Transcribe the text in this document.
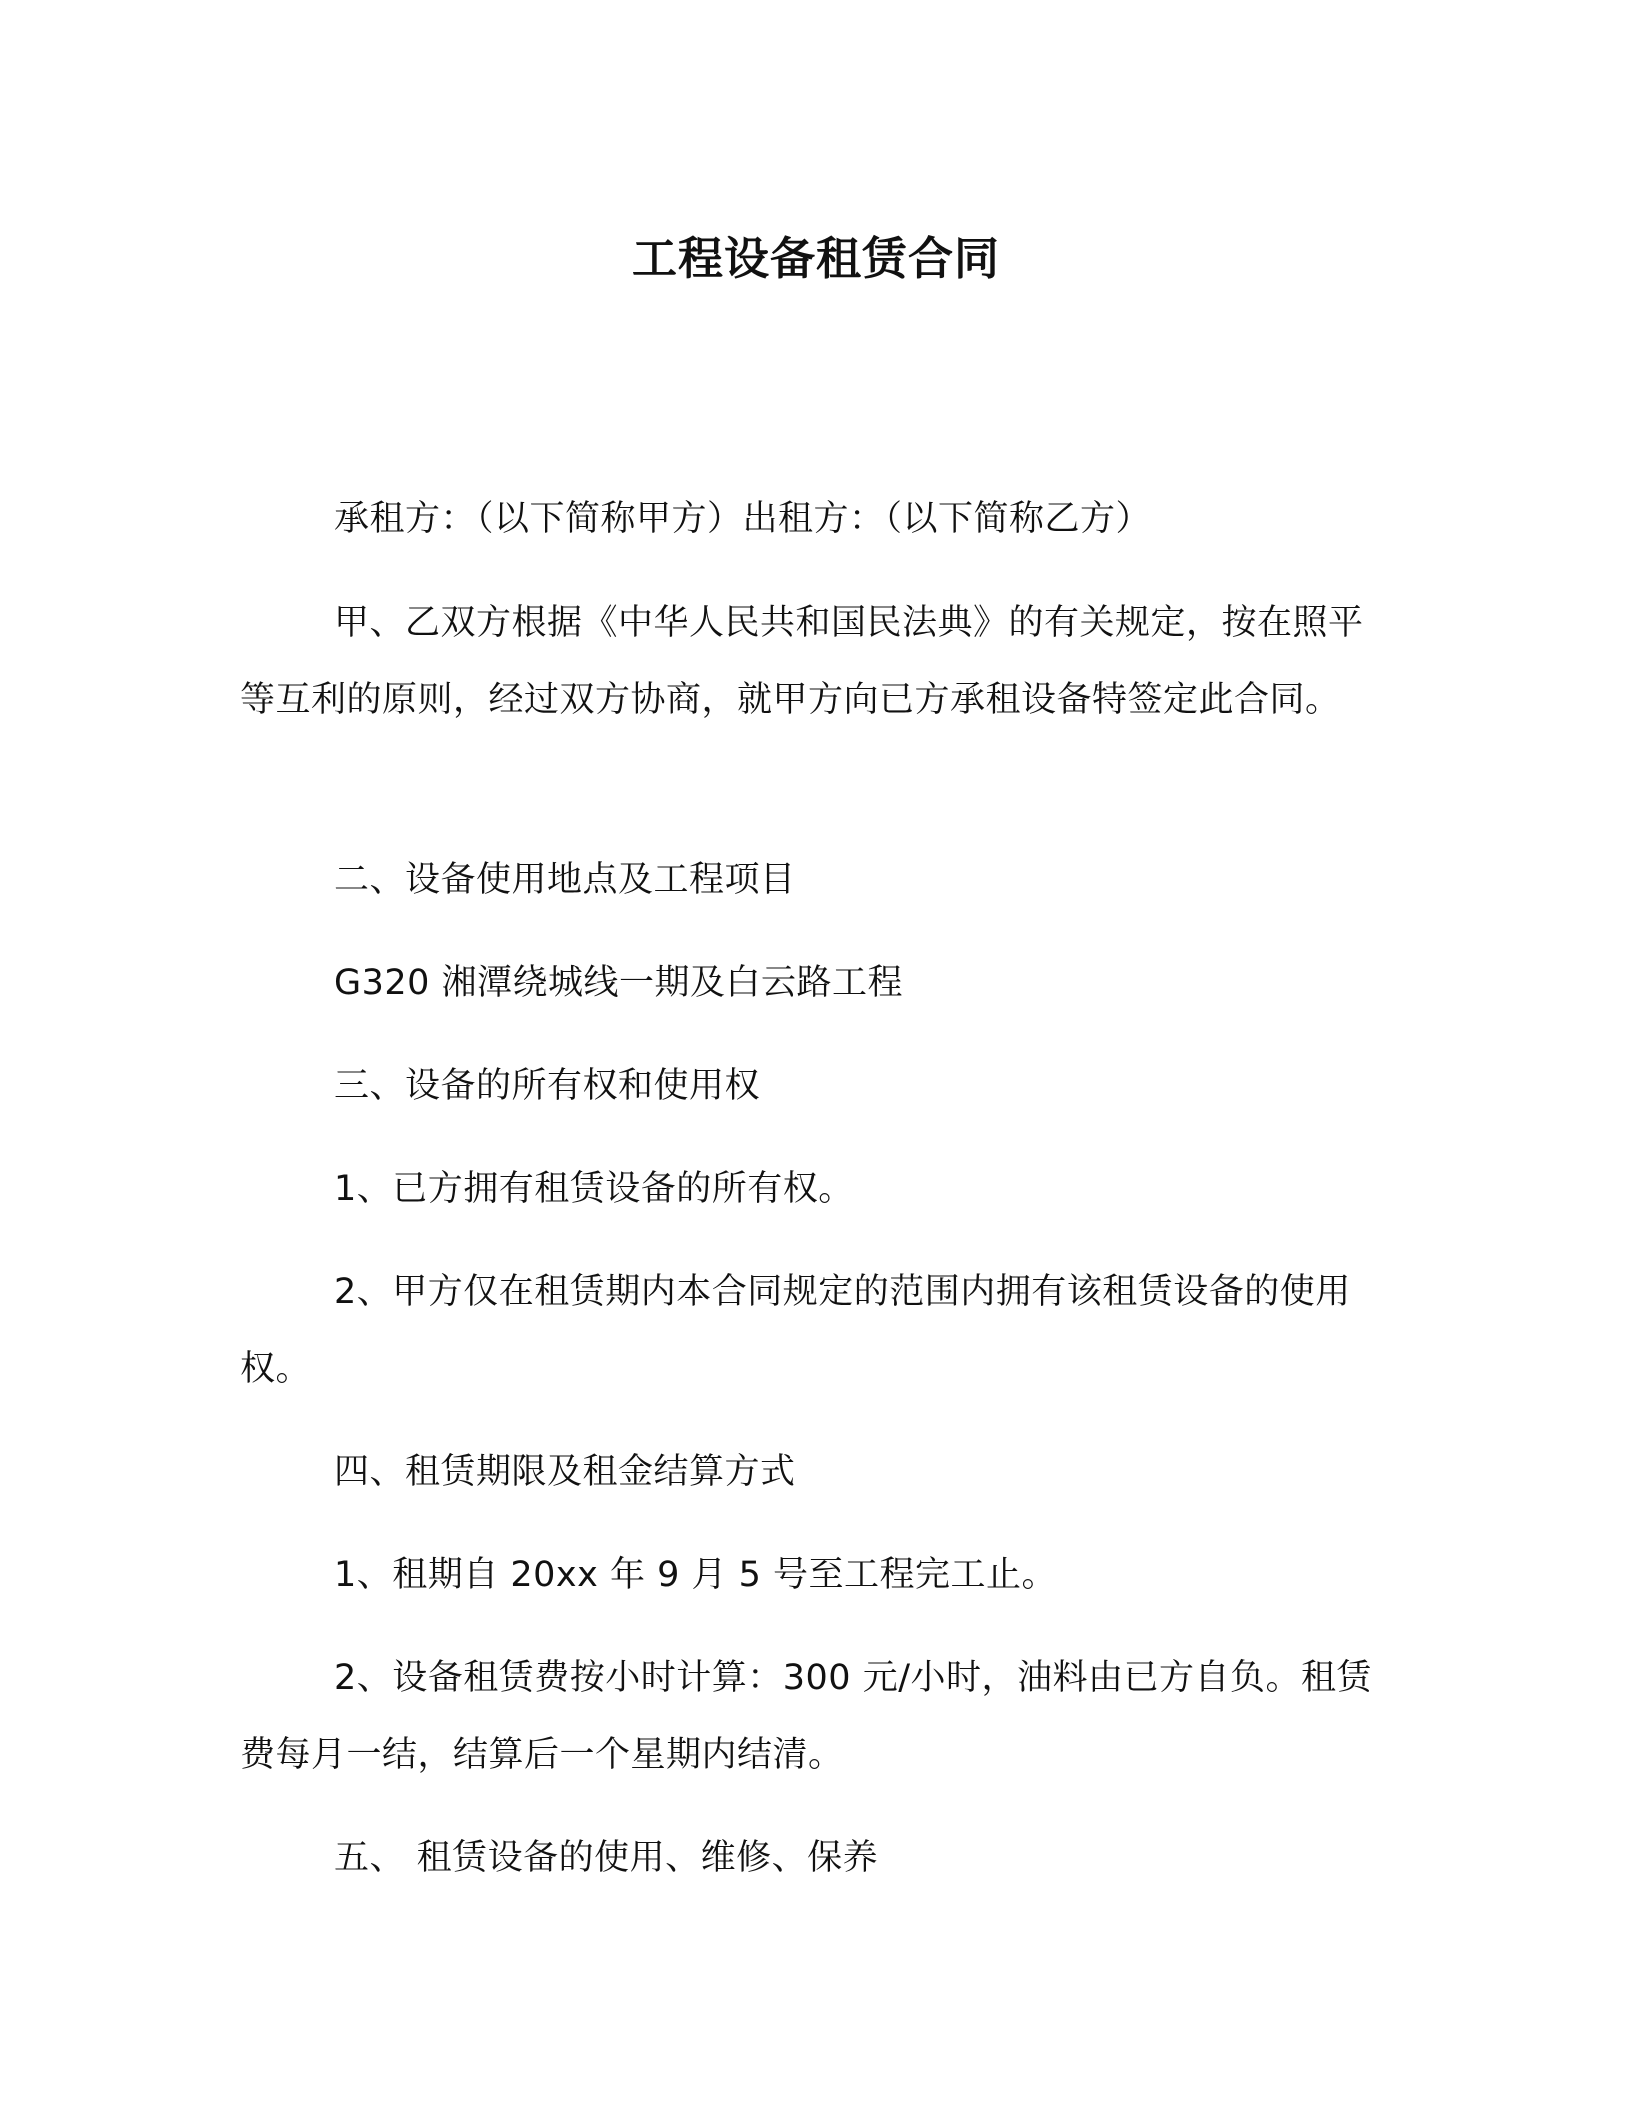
工程设备租赁合同

承租方：（以下简称甲方）出租方：（以下简称乙方）

甲、乙双方根据《中华人民共和国民法典》的有关规定，按在照平等互利的原则，经过双方协商，就甲方向已方承租设备特签定此合同。

二、设备使用地点及工程项目

G320 湘潭绕城线一期及白云路工程

三、设备的所有权和使用权

1、已方拥有租赁设备的所有权。

2、甲方仅在租赁期内本合同规定的范围内拥有该租赁设备的使用权。

四、租赁期限及租金结算方式

1、租期自 20xx 年 9 月 5 号至工程完工止。

2、设备租赁费按小时计算：300 元/小时，油料由已方自负。租赁费每月一结，结算后一个星期内结清。

五、 租赁设备的使用、维修、保养
